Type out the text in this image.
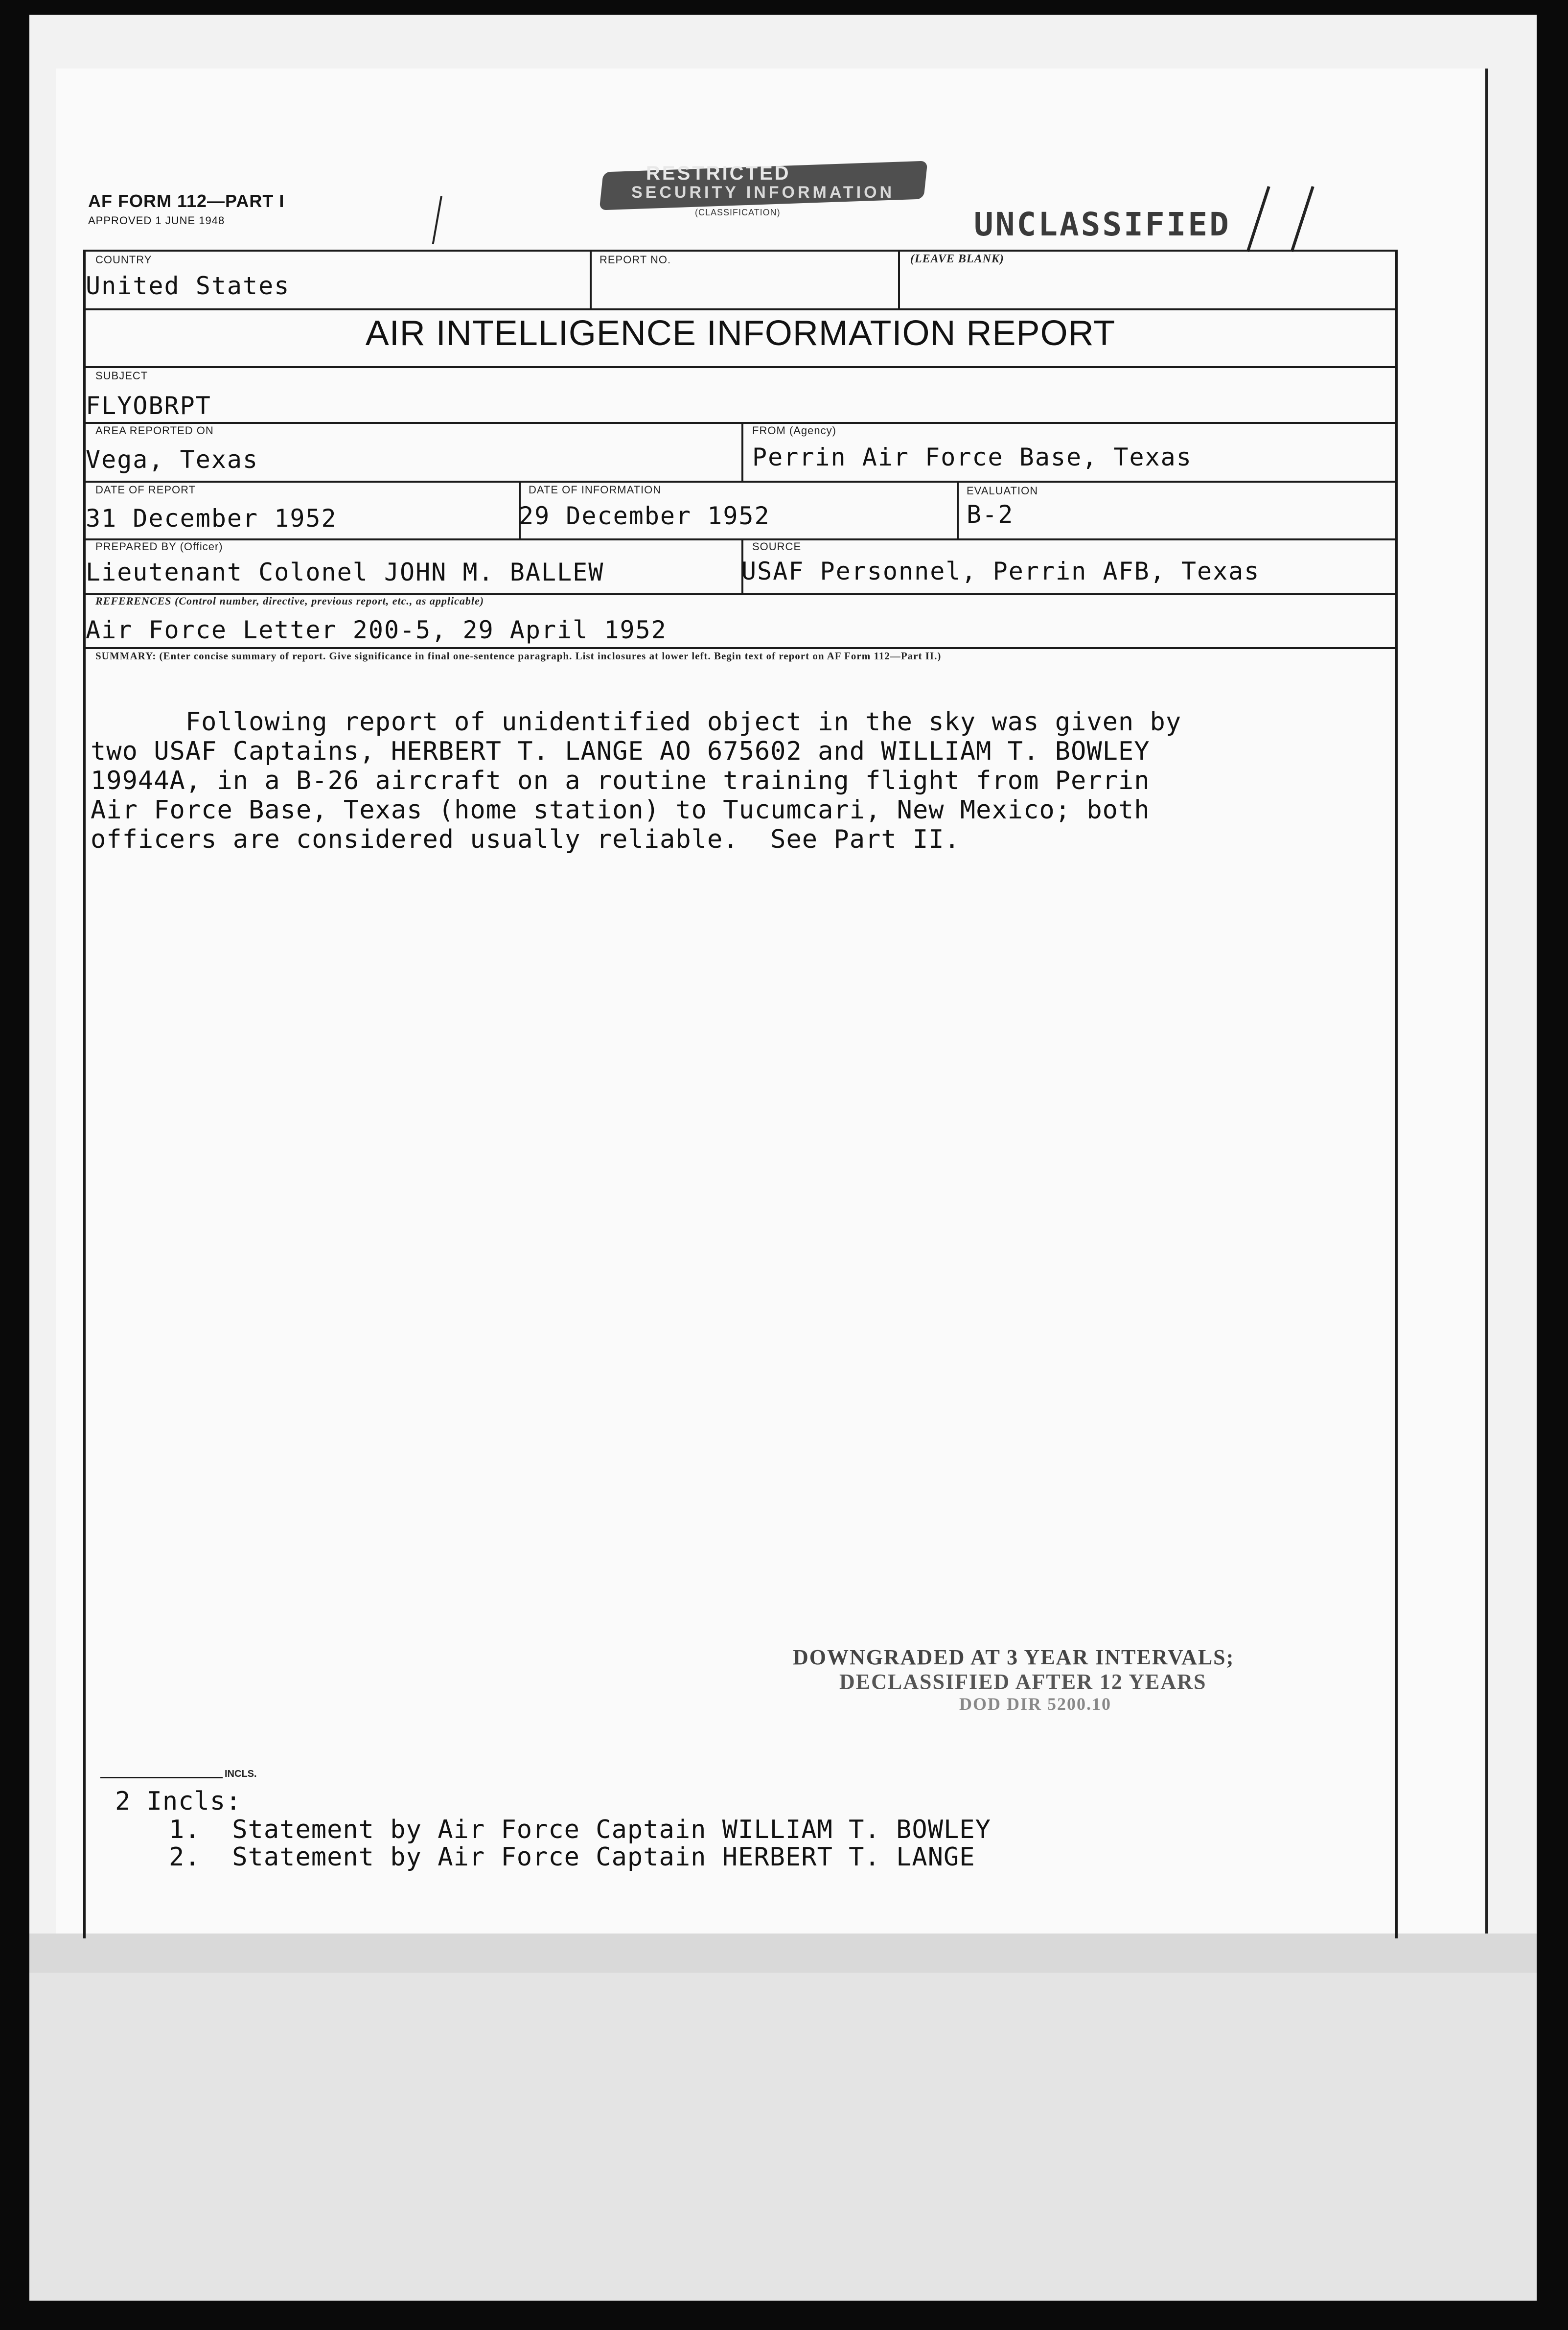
AF FORM 112—PART I
APPROVED 1 JUNE 1948
RESTRICTED
SECURITY INFORMATION
(CLASSIFICATION)	UNCLASSIFIED
COUNTRY
United States
REPORT NO.	(LEAVE BLANK)
AIR INTELLIGENCE INFORMATION REPORT
SUBJECT
FLYOBRPT
AREA REPORTED ON
Vega, Texas
FROM (Agency)
Perrin Air Force Base, Texas
DATE OF REPORT
31 December 1952
DATE OF INFORMATION
29 December 1952
EVALUATION
B-2
PREPARED BY (Officer)
Lieutenant Colonel JOHN M. BALLEW
SOURCE
USAF Personnel, Perrin AFB, Texas
REFERENCES (Control number, directive, previous report, etc., as applicable)
Air Force Letter 200-5, 29 April 1952
SUMMARY: (Enter concise summary of report. Give significance in final one-sentence paragraph. List inclosures at lower left. Begin text of report on AF Form 112—Part II.)
Following report of unidentified object in the sky was given by
two USAF Captains, HERBERT T. LANGE AO 675602 and WILLIAM T. BOWLEY
19944A, in a B-26 aircraft on a routine training flight from Perrin
Air Force Base, Texas (home station) to Tucumcari, New Mexico; both
officers are considered usually reliable.  See Part II.
INCLS.
2 Incls:
1.  Statement by Air Force Captain WILLIAM T. BOWLEY
2.  Statement by Air Force Captain HERBERT T. LANGE
DOWNGRADED AT 3 YEAR INTERVALS;
DECLASSIFIED AFTER 12 YEARS
DOD DIR 5200.10
